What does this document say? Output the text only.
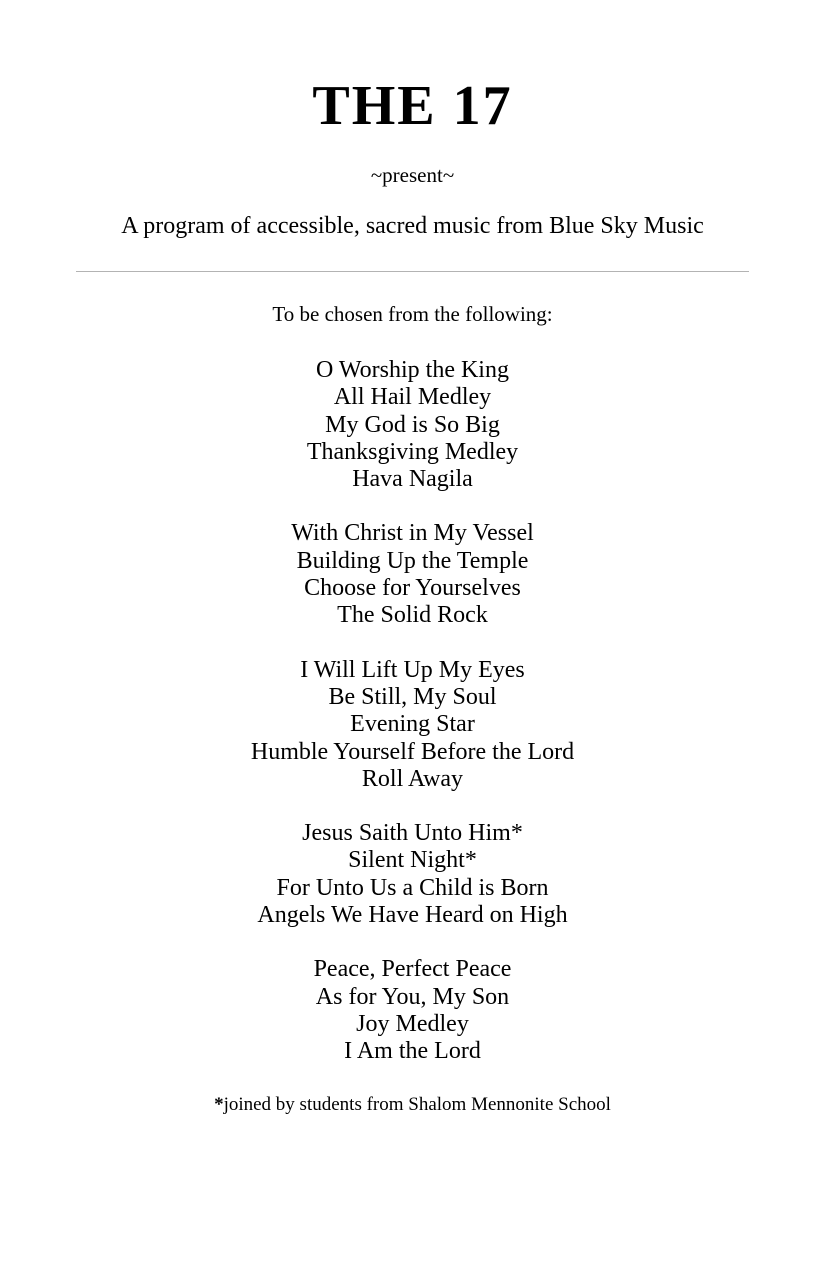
THE 17
~present~
A program of accessible, sacred music from Blue Sky Music
To be chosen from the following:
O Worship the King
All Hail Medley
My God is So Big
Thanksgiving Medley
Hava Nagila
With Christ in My Vessel
Building Up the Temple
Choose for Yourselves
The Solid Rock
I Will Lift Up My Eyes
Be Still, My Soul
Evening Star
Humble Yourself Before the Lord
Roll Away
Jesus Saith Unto Him*
Silent Night*
For Unto Us a Child is Born
Angels We Have Heard on High
Peace, Perfect Peace
As for You, My Son
Joy Medley
I Am the Lord
*joined by students from Shalom Mennonite School
